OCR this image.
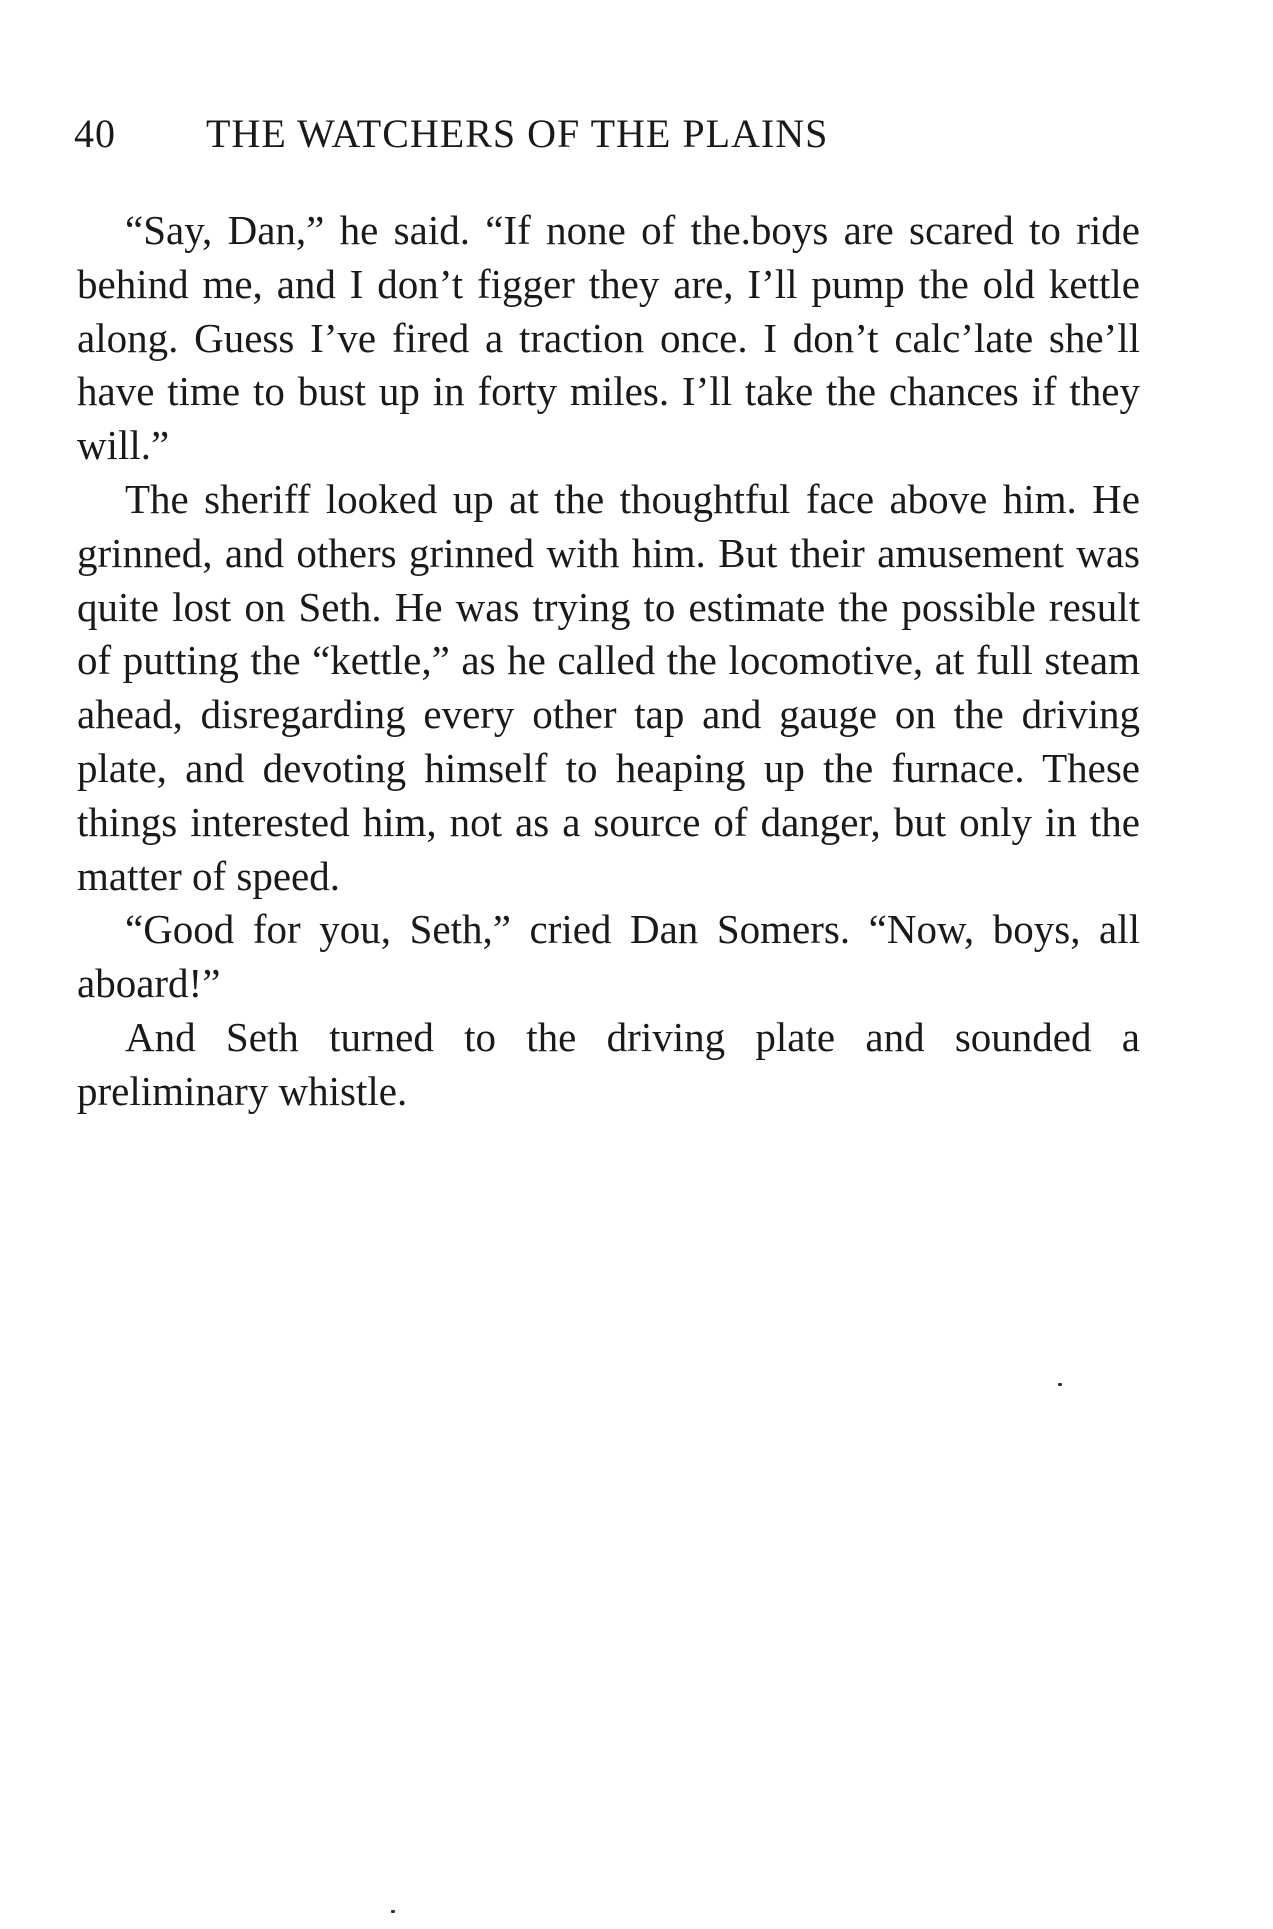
40 THE WATCHERS OF THE PLAINS

“Say, Dan,” he said. “If none of the.boys are scared to ride behind me, and I don’t figger they are, I’ll pump the old kettle along. Guess I’ve fired a traction once. I don’t calc’late she’ll have time to bust up in forty miles. I’ll take the chances if they will.”

The sheriff looked up at the thoughtful face above him. He grinned, and others grinned with him. But their amusement was quite lost on Seth. He was trying to estimate the possible result of putting the “kettle,” as he called the locomotive, at full steam ahead, disregarding every other tap and gauge on the driving plate, and devoting himself to heaping up the furnace. These things interested him, not as a source of danger, but only in the matter of speed.

“Good for you, Seth,” cried Dan Somers. “Now, boys, all aboard!”

And Seth turned to the driving plate and sounded a preliminary whistle.
